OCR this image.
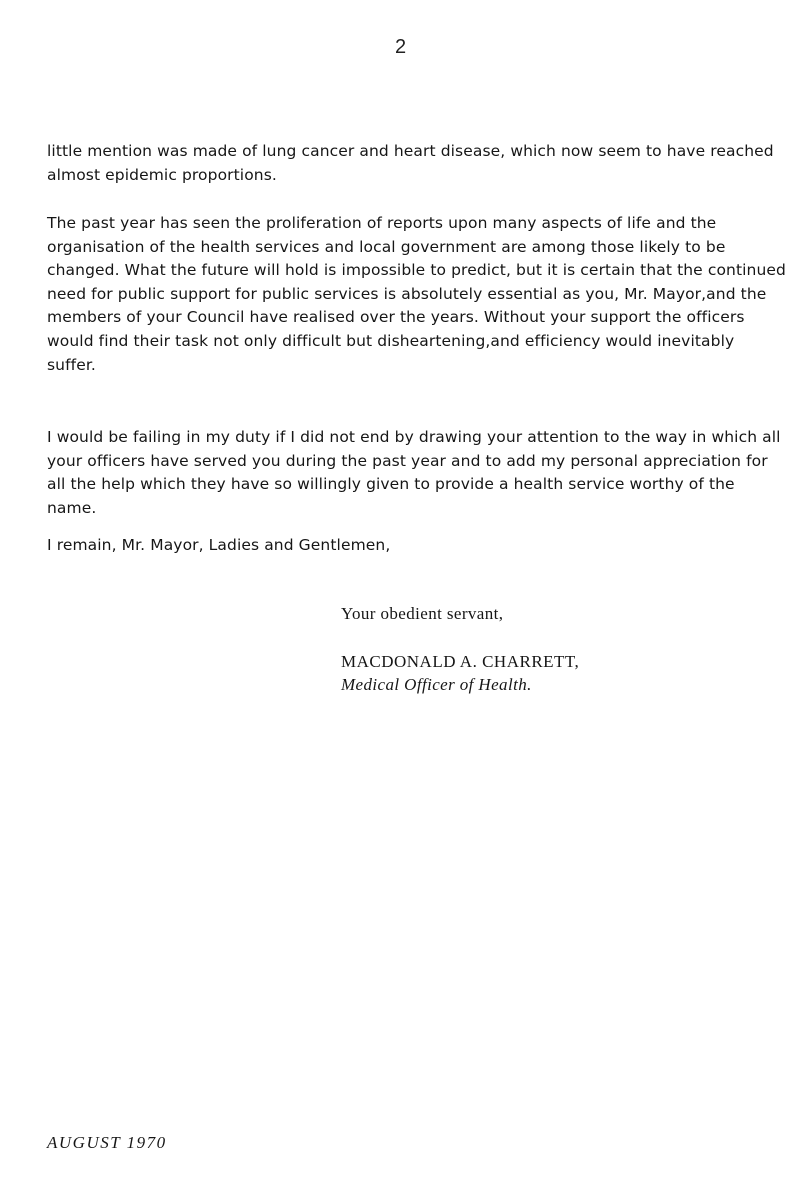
2

little mention was made of lung cancer and heart disease, which now seem to have reached almost epidemic proportions.

The past year has seen the proliferation of reports upon many aspects of life and the organisation of the health services and local government are among those likely to be changed. What the future will hold is impossible to predict, but it is certain that the continued need for public support for public services is absolutely essential as you, Mr. Mayor,and the members of your Council have realised over the years. Without your support the officers would find their task not only difficult but disheartening,and efficiency would inevitably suffer.

I would be failing in my duty if I did not end by drawing your attention to the way in which all your officers have served you during the past year and to add my personal appreciation for all the help which they have so willingly given to provide a health service worthy of the name.

I remain, Mr. Mayor, Ladies and Gentlemen,

Your obedient servant,
MACDONALD A. CHARRETT,
Medical Officer of Health.
AUGUST 1970
